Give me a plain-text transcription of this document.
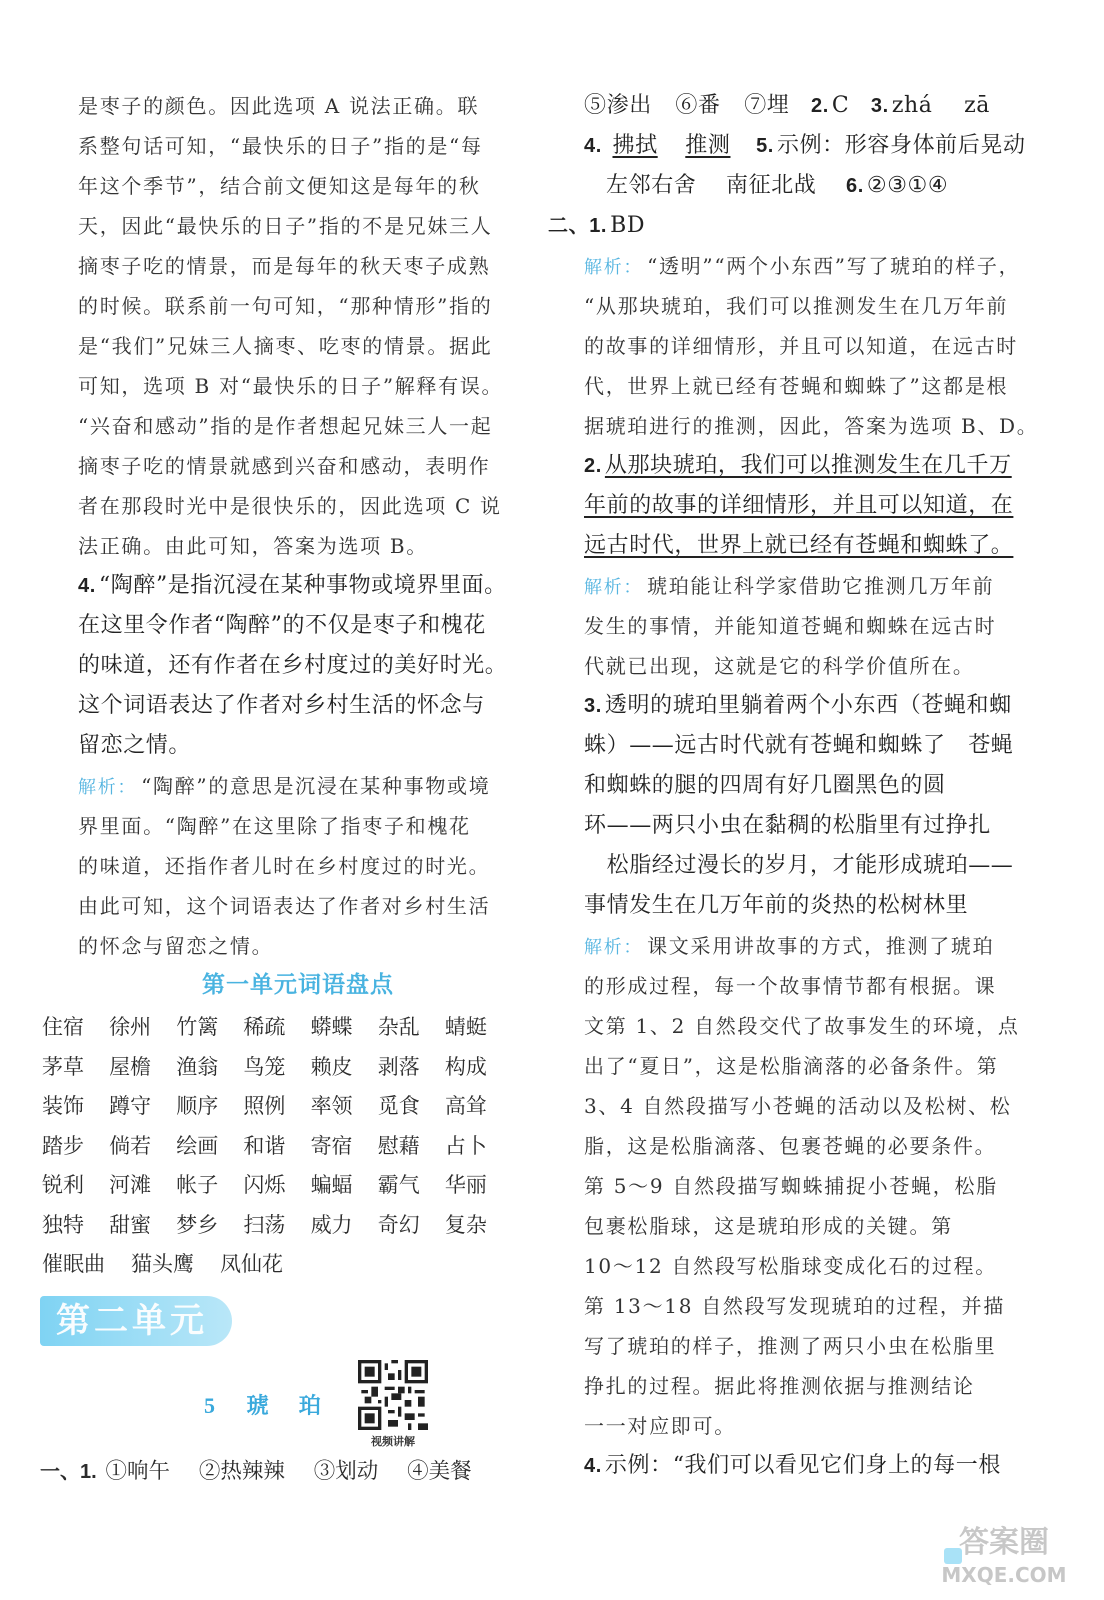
是枣子的颜色。因此选项 A 说法正确。联
系整句话可知，“最快乐的日子”指的是“每
年这个季节”，结合前文便知这是每年的秋
天，因此“最快乐的日子”指的不是兄妹三人
摘枣子吃的情景，而是每年的秋天枣子成熟
的时候。联系前一句可知，“那种情形”指的
是“我们”兄妹三人摘枣、吃枣的情景。据此
可知，选项 B 对“最快乐的日子”解释有误。
“兴奋和感动”指的是作者想起兄妹三人一起
摘枣子吃的情景就感到兴奋和感动，表明作
者在那段时光中是很快乐的，因此选项 C 说
法正确。由此可知，答案为选项 B。
4. “陶醉”是指沉浸在某种事物或境界里面。
在这里令作者“陶醉”的不仅是枣子和槐花
的味道，还有作者在乡村度过的美好时光。
这个词语表达了作者对乡村生活的怀念与
留恋之情。
解析： “陶醉”的意思是沉浸在某种事物或境
界里面。“陶醉”在这里除了指枣子和槐花
的味道，还指作者儿时在乡村度过的时光。
由此可知，这个词语表达了作者对乡村生活
的怀念与留恋之情。
第一单元词语盘点
住宿	徐州	竹篱	稀疏	蟒蝶	杂乱	蜻蜓
茅草	屋檐	渔翁	鸟笼	赖皮	剥落	构成
装饰	蹲守	顺序	照例	率领	觅食	高耸
踏步	倘若	绘画	和谐	寄宿	慰藉	占卜
锐利	河滩	帐子	闪烁	蝙蝠	霸气	华丽
独特	甜蜜	梦乡	扫荡	威力	奇幻	复杂
催眠曲 猫头鹰 凤仙花
第二单元
5 琥 珀
视频讲解
一、1. ①响午 ②热辣辣 ③划动 ④美餐
⑤渗出 ⑥番 ⑦埋 2. C 3. zhá zā
4. 拂拭 推测 5. 示例：形容身体前后晃动
左邻右舍 南征北战 6. ②③①④
二、1. BD
解析： “透明”“两个小东西”写了琥珀的样子，
“从那块琥珀，我们可以推测发生在几万年前
的故事的详细情形，并且可以知道，在远古时
代，世界上就已经有苍蝇和蜘蛛了”这都是根
据琥珀进行的推测，因此，答案为选项 B、D。
2. 从那块琥珀，我们可以推测发生在几千万
年前的故事的详细情形，并且可以知道，在
远古时代，世界上就已经有苍蝇和蜘蛛了。
解析： 琥珀能让科学家借助它推测几万年前
发生的事情，并能知道苍蝇和蜘蛛在远古时
代就已出现，这就是它的科学价值所在。
3. 透明的琥珀里躺着两个小东西（苍蝇和蜘
蛛）——远古时代就有苍蝇和蜘蛛了　苍蝇
和蜘蛛的腿的四周有好几圈黑色的圆
环——两只小虫在黏稠的松脂里有过挣扎
　松脂经过漫长的岁月，才能形成琥珀——
事情发生在几万年前的炎热的松树林里
解析： 课文采用讲故事的方式，推测了琥珀
的形成过程，每一个故事情节都有根据。课
文第 1、2 自然段交代了故事发生的环境，点
出了“夏日”，这是松脂滴落的必备条件。第
3、4 自然段描写小苍蝇的活动以及松树、松
脂，这是松脂滴落、包裹苍蝇的必要条件。
第 5～9 自然段描写蜘蛛捕捉小苍蝇，松脂
包裹松脂球，这是琥珀形成的关键。第
10～12 自然段写松脂球变成化石的过程。
第 13～18 自然段写发现琥珀的过程，并描
写了琥珀的样子，推测了两只小虫在松脂里
挣扎的过程。据此将推测依据与推测结论
一一对应即可。
4. 示例：“我们可以看见它们身上的每一根
答案圈 MXQE.COM
